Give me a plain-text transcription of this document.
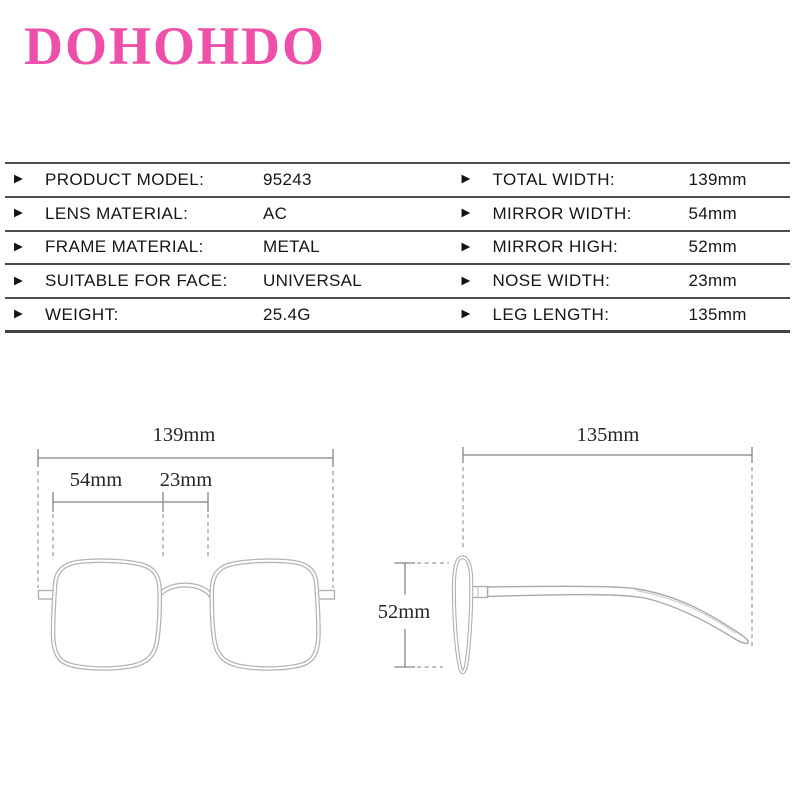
DOHOHDO
▶	PRODUCT MODEL:	95243	▶	TOTAL WIDTH:	139mm
▶	LENS MATERIAL:	AC	▶	MIRROR WIDTH:	54mm
▶	FRAME MATERIAL:	METAL	▶	MIRROR HIGH:	52mm
▶	SUITABLE FOR FACE:	UNIVERSAL	▶	NOSE WIDTH:	23mm
▶	WEIGHT:	25.4G	▶	LEG LENGTH:	135mm
139mm
54mm 23mm
135mm
52mm
